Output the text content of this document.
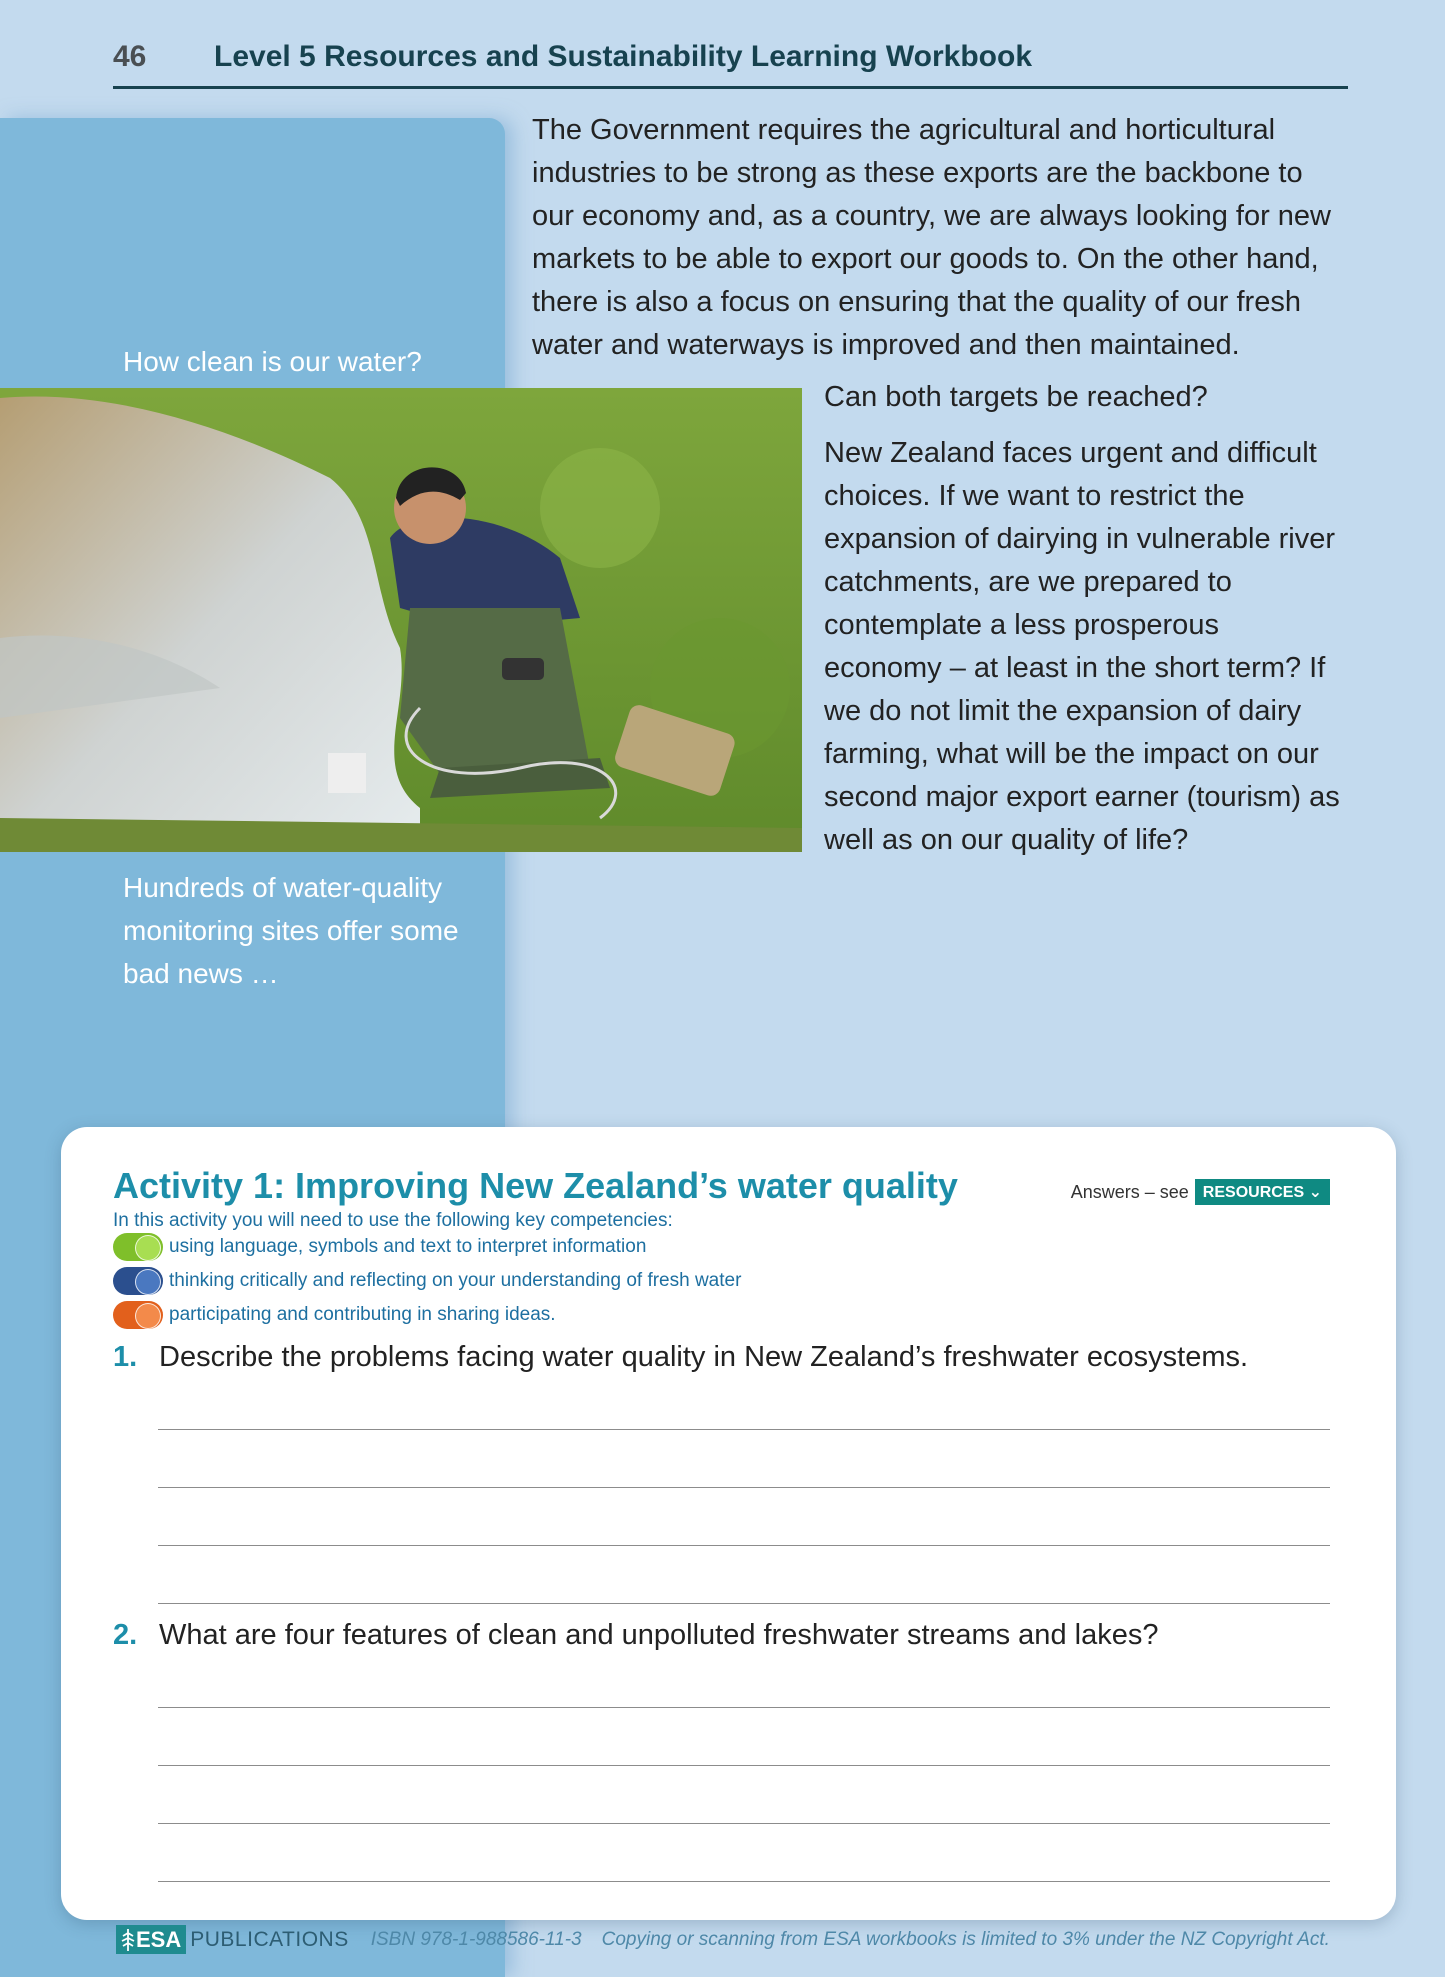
46	Level 5 Resources and Sustainability Learning Workbook

The Government requires the agricultural and horticultural industries to be strong as these exports are the backbone to our economy and, as a country, we are always looking for new markets to be able to export our goods to. On the other hand, there is also a focus on ensuring that the quality of our fresh water and waterways is improved and then maintained.

How clean is our water?

Can both targets be reached?

New Zealand faces urgent and difficult choices. If we want to restrict the expansion of dairying in vulnerable river catchments, are we prepared to contemplate a less prosperous economy – at least in the short term? If we do not limit the expansion of dairy farming, what will be the impact on our second major export earner (tourism) as well as on our quality of life?

Hundreds of water-quality monitoring sites offer some bad news …

Activity 1: Improving New Zealand’s water quality	Answers – see RESOURCES ⌄

In this activity you will need to use the following key competencies:

using language, symbols and text to interpret information
thinking critically and reflecting on your understanding of fresh water
participating and contributing in sharing ideas.
1. Describe the problems facing water quality in New Zealand’s freshwater ecosystems.
2. What are four features of clean and unpolluted freshwater streams and lakes?
ESA PUBLICATIONS ISBN 978-1-988586-11-3 Copying or scanning from ESA workbooks is limited to 3% under the NZ Copyright Act.
